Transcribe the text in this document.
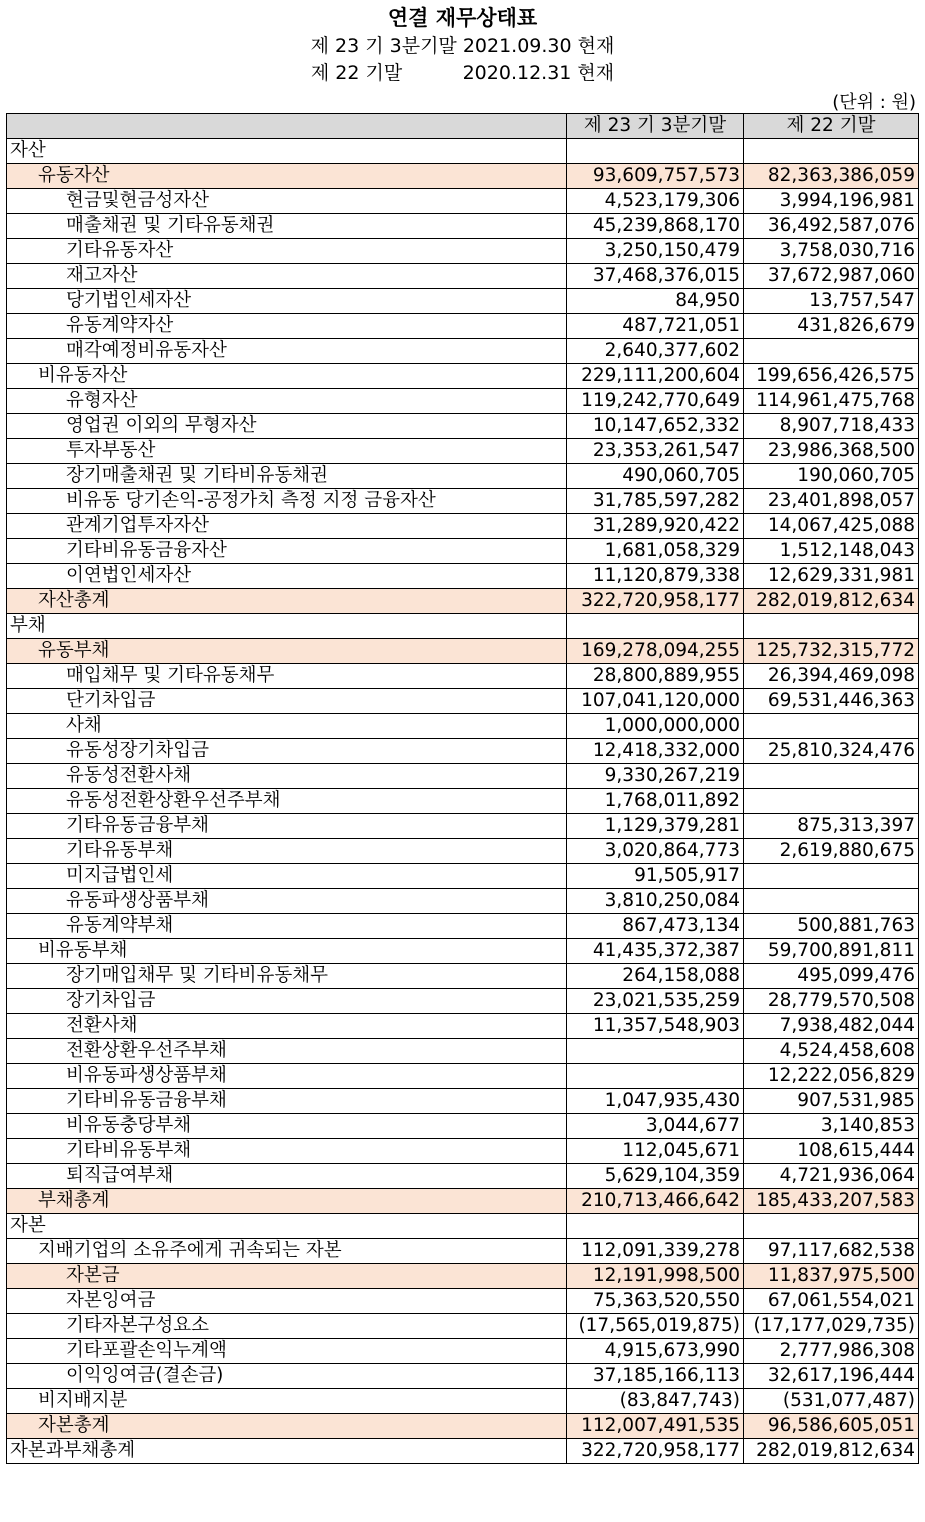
연결 재무상태표
제 23 기 3분기말 2021.09.30 현재
제 22 기말          2020.12.31 현재
(단위 : 원)
	제 23 기 3분기말	제 22 기말
자산		
유동자산	93,609,757,573	82,363,386,059
현금및현금성자산	4,523,179,306	3,994,196,981
매출채권 및 기타유동채권	45,239,868,170	36,492,587,076
기타유동자산	3,250,150,479	3,758,030,716
재고자산	37,468,376,015	37,672,987,060
당기법인세자산	84,950	13,757,547
유동계약자산	487,721,051	431,826,679
매각예정비유동자산	2,640,377,602	
비유동자산	229,111,200,604	199,656,426,575
유형자산	119,242,770,649	114,961,475,768
영업권 이외의 무형자산	10,147,652,332	8,907,718,433
투자부동산	23,353,261,547	23,986,368,500
장기매출채권 및 기타비유동채권	490,060,705	190,060,705
비유동 당기손익-공정가치 측정 지정 금융자산	31,785,597,282	23,401,898,057
관계기업투자자산	31,289,920,422	14,067,425,088
기타비유동금융자산	1,681,058,329	1,512,148,043
이연법인세자산	11,120,879,338	12,629,331,981
자산총계	322,720,958,177	282,019,812,634
부채		
유동부채	169,278,094,255	125,732,315,772
매입채무 및 기타유동채무	28,800,889,955	26,394,469,098
단기차입금	107,041,120,000	69,531,446,363
사채	1,000,000,000	
유동성장기차입금	12,418,332,000	25,810,324,476
유동성전환사채	9,330,267,219	
유동성전환상환우선주부채	1,768,011,892	
기타유동금융부채	1,129,379,281	875,313,397
기타유동부채	3,020,864,773	2,619,880,675
미지급법인세	91,505,917	
유동파생상품부채	3,810,250,084	
유동계약부채	867,473,134	500,881,763
비유동부채	41,435,372,387	59,700,891,811
장기매입채무 및 기타비유동채무	264,158,088	495,099,476
장기차입금	23,021,535,259	28,779,570,508
전환사채	11,357,548,903	7,938,482,044
전환상환우선주부채		4,524,458,608
비유동파생상품부채		12,222,056,829
기타비유동금융부채	1,047,935,430	907,531,985
비유동충당부채	3,044,677	3,140,853
기타비유동부채	112,045,671	108,615,444
퇴직급여부채	5,629,104,359	4,721,936,064
부채총계	210,713,466,642	185,433,207,583
자본		
지배기업의 소유주에게 귀속되는 자본	112,091,339,278	97,117,682,538
자본금	12,191,998,500	11,837,975,500
자본잉여금	75,363,520,550	67,061,554,021
기타자본구성요소	(17,565,019,875)	(17,177,029,735)
기타포괄손익누계액	4,915,673,990	2,777,986,308
이익잉여금(결손금)	37,185,166,113	32,617,196,444
비지배지분	(83,847,743)	(531,077,487)
자본총계	112,007,491,535	96,586,605,051
자본과부채총계	322,720,958,177	282,019,812,634
